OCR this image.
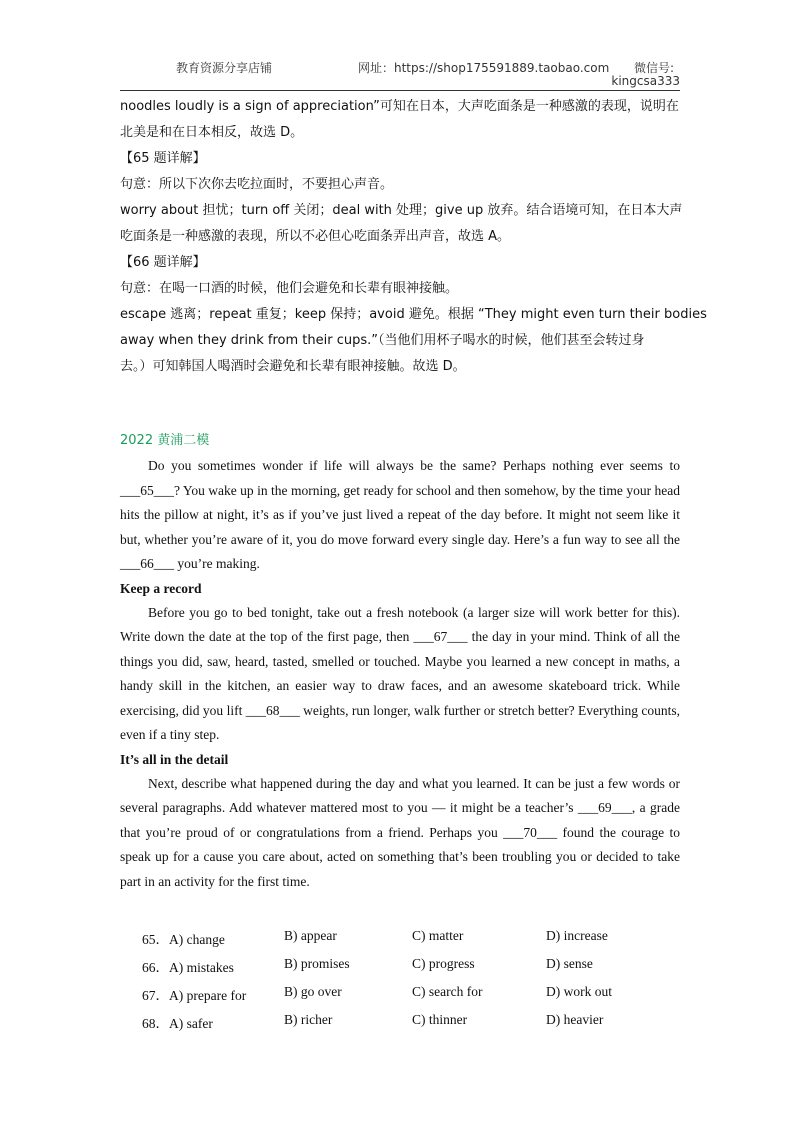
教育资源分享店铺	网址：https://shop175591889.taobao.com 微信号:
kingcsa333
noodles loudly is a sign of appreciation”可知在日本，大声吃面条是一种感激的表现，说明在
北美是和在日本相反，故选 D。
【65 题详解】
句意：所以下次你去吃拉面时，不要担心声音。
worry about 担忧；turn off 关闭；deal with 处理；give up 放弃。结合语境可知，在日本大声
吃面条是一种感激的表现，所以不必但心吃面条弄出声音，故选 A。
【66 题详解】
句意：在喝一口酒的时候，他们会避免和长辈有眼神接触。
escape 逃离；repeat 重复；keep 保持；avoid 避免。根据 “They might even turn their bodies
away when they drink from their cups.”（当他们用杯子喝水的时候，他们甚至会转过身
去。）可知韩国人喝酒时会避免和长辈有眼神接触。故选 D。
2022 黄浦二模

Do you sometimes wonder if life will always be the same? Perhaps nothing ever seems to ___65___? You wake up in the morning, get ready for school and then somehow, by the time your head hits the pillow at night, it’s as if you’ve just lived a repeat of the day before. It might not seem like it but, whether you’re aware of it, you do move forward every single day. Here’s a fun way to see all the ___66___ you’re making.

Keep a record

Before you go to bed tonight, take out a fresh notebook (a larger size will work better for this). Write down the date at the top of the first page, then ___67___ the day in your mind. Think of all the things you did, saw, heard, tasted, smelled or touched. Maybe you learned a new concept in maths, a handy skill in the kitchen, an easier way to draw faces, and an awesome skateboard trick. While exercising, did you lift ___68___ weights, run longer, walk further or stretch better? Everything counts, even if a tiny step.

It’s all in the detail

Next, describe what happened during the day and what you learned. It can be just a few words or several paragraphs. Add whatever mattered most to you — it might be a teacher’s ___69___, a grade that you’re proud of or congratulations from a friend. Perhaps you ___70___ found the courage to speak up for a cause you care about, acted on something that’s been troubling you or decided to take part in an activity for the first time.

65．A) change	B) appear	C) matter	D) increase
66．A) mistakes	B) promises	C) progress	D) sense
67．A) prepare for	B) go over	C) search for	D) work out
68．A) safer	B) richer	C) thinner	D) heavier
